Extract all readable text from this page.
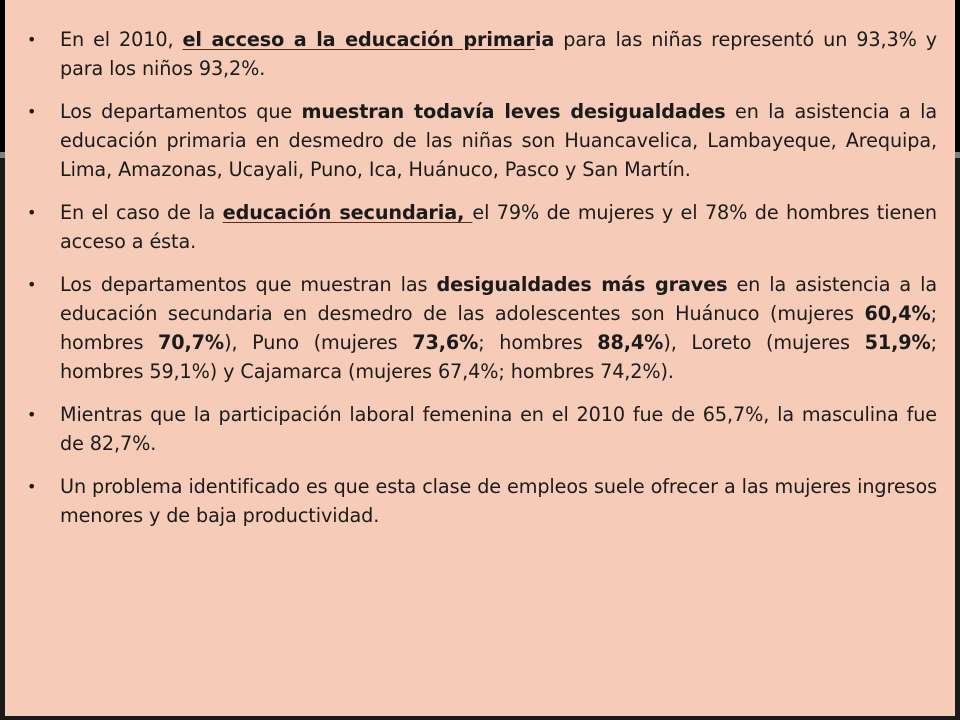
• En el 2010, el acceso a la educación primaria para las niñas representó un 93,3% y para los niños 93,2%.
• Los departamentos que muestran todavía leves desigualdades en la asistencia a la educación primaria en desmedro de las niñas son Huancavelica, Lambayeque, Arequipa, Lima, Amazonas, Ucayali, Puno, Ica, Huánuco, Pasco y San Martín.
• En el caso de la educación secundaria, el 79% de mujeres y el 78% de hombres tienen acceso a ésta.
• Los departamentos que muestran las desigualdades más graves en la asistencia a la educación secundaria en desmedro de las adolescentes son Huánuco (mujeres 60,4%; hombres 70,7%), Puno (mujeres 73,6%; hombres 88,4%), Loreto (mujeres 51,9%; hombres 59,1%) y Cajamarca (mujeres 67,4%; hombres 74,2%).
• Mientras que la participación laboral femenina en el 2010 fue de 65,7%, la masculina fue de 82,7%.
• Un problema identificado es que esta clase de empleos suele ofrecer a las mujeres ingresos menores y de baja productividad.
